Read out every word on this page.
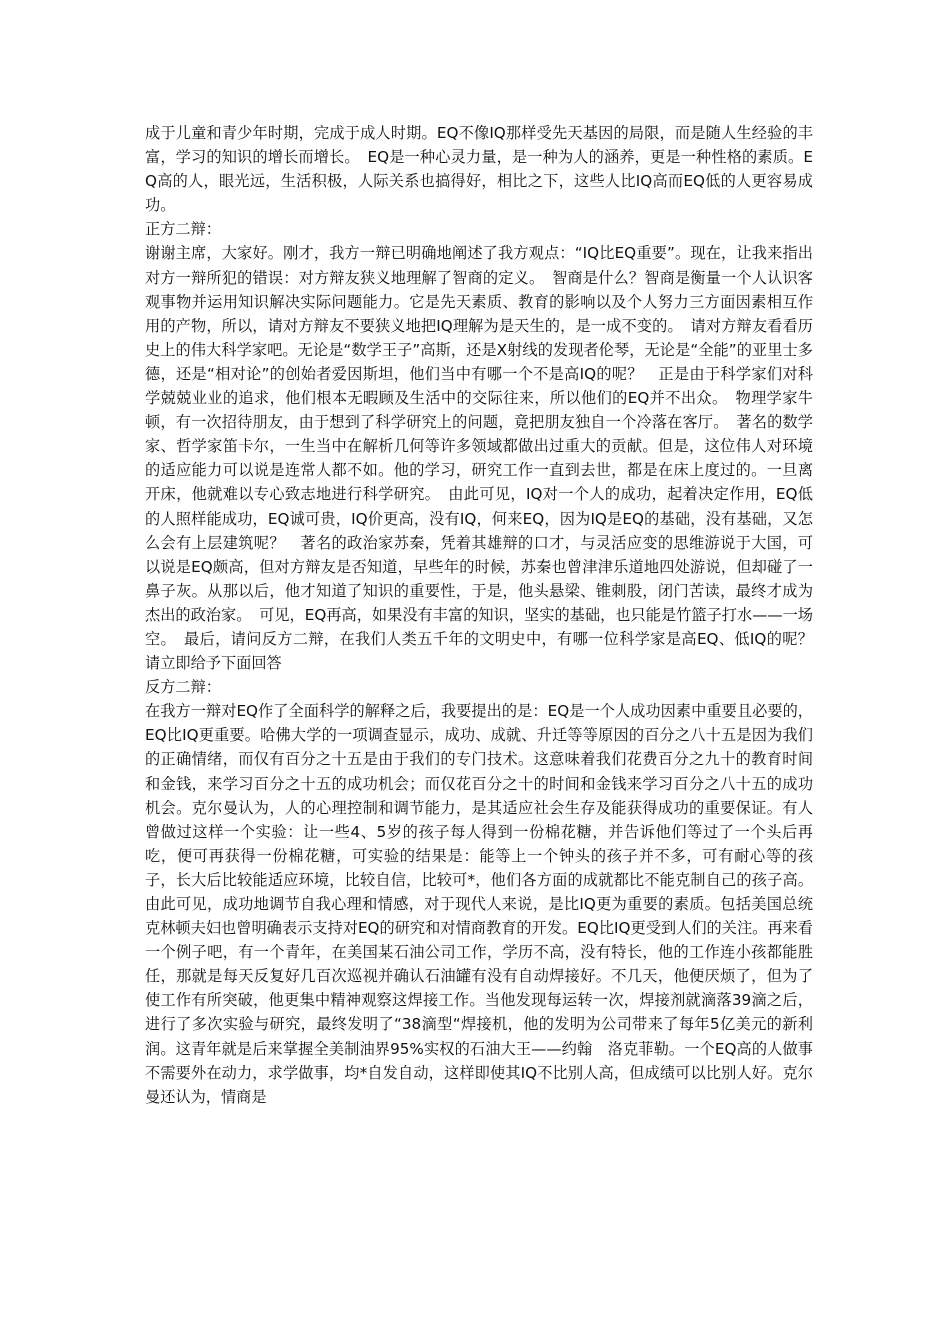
成于儿童和青少年时期，完成于成人时期。EQ不像IQ那样受先天基因的局限，而是随人生经验的丰富，学习的知识的增长而增长。　EQ是一种心灵力量，是一种为人的涵养，更是一种性格的素质。EQ高的人，眼光远，生活积极，人际关系也搞得好，相比之下，这些人比IQ高而EQ低的人更容易成功。

正方二辩：

谢谢主席，大家好。刚才，我方一辩已明确地阐述了我方观点：“IQ比EQ重要”。现在，让我来指出对方一辩所犯的错误：对方辩友狭义地理解了智商的定义。　智商是什么？智商是衡量一个人认识客观事物并运用知识解决实际问题能力。它是先天素质、教育的影响以及个人努力三方面因素相互作用的产物，所以，请对方辩友不要狭义地把IQ理解为是天生的，是一成不变的。　请对方辩友看看历史上的伟大科学家吧。无论是“数学王子”高斯，还是X射线的发现者伦琴，无论是“全能”的亚里士多德，还是“相对论”的创始者爱因斯坦，他们当中有哪一个不是高IQ的呢？　正是由于科学家们对科学兢兢业业的追求，他们根本无暇顾及生活中的交际往来，所以他们的EQ并不出众。　物理学家牛顿，有一次招待朋友，由于想到了科学研究上的问题，竟把朋友独自一个冷落在客厅。　著名的数学家、哲学家笛卡尔，一生当中在解析几何等许多领域都做出过重大的贡献。但是，这位伟人对环境的适应能力可以说是连常人都不如。他的学习，研究工作一直到去世，都是在床上度过的。一旦离开床，他就难以专心致志地进行科学研究。　由此可见，IQ对一个人的成功，起着决定作用，EQ低的人照样能成功，EQ诚可贵，IQ价更高，没有IQ，何来EQ，因为IQ是EQ的基础，没有基础，又怎么会有上层建筑呢？　著名的政治家苏秦，凭着其雄辩的口才，与灵活应变的思维游说于大国，可以说是EQ颇高，但对方辩友是否知道，早些年的时候，苏秦也曾津津乐道地四处游说，但却碰了一鼻子灰。从那以后，他才知道了知识的重要性，于是，他头悬梁、锥刺股，闭门苦读，最终才成为杰出的政治家。　可见，EQ再高，如果没有丰富的知识，坚实的基础，也只能是竹篮子打水——一场空。　最后，请问反方二辩，在我们人类五千年的文明史中，有哪一位科学家是高EQ、低IQ的呢？请立即给予下面回答

反方二辩：

在我方一辩对EQ作了全面科学的解释之后，我要提出的是：EQ是一个人成功因素中重要且必要的，EQ比IQ更重要。哈佛大学的一项调查显示，成功、成就、升迁等等原因的百分之八十五是因为我们的正确情绪，而仅有百分之十五是由于我们的专门技术。这意味着我们花费百分之九十的教育时间和金钱，来学习百分之十五的成功机会；而仅花百分之十的时间和金钱来学习百分之八十五的成功机会。克尔曼认为，人的心理控制和调节能力，是其适应社会生存及能获得成功的重要保证。有人曾做过这样一个实验：让一些4、5岁的孩子每人得到一份棉花糖，并告诉他们等过了一个头后再吃，便可再获得一份棉花糖，可实验的结果是：能等上一个钟头的孩子并不多，可有耐心等的孩子，长大后比较能适应环境，比较自信，比较可*，他们各方面的成就都比不能克制自己的孩子高。由此可见，成功地调节自我心理和情感，对于现代人来说，是比IQ更为重要的素质。包括美国总统克林顿夫妇也曾明确表示支持对EQ的研究和对情商教育的开发。EQ比IQ更受到人们的关注。再来看一个例子吧，有一个青年，在美国某石油公司工作，学历不高，没有特长，他的工作连小孩都能胜任，那就是每天反复好几百次巡视并确认石油罐有没有自动焊接好。不几天，他便厌烦了，但为了使工作有所突破，他更集中精神观察这焊接工作。当他发现每运转一次，焊接剂就滴落39滴之后，进行了多次实验与研究，最终发明了“38滴型“焊接机，他的发明为公司带来了每年5亿美元的新利润。这青年就是后来掌握全美制油界95%实权的石油大王——约翰　洛克菲勒。一个EQ高的人做事不需要外在动力，求学做事，均*自发自动，这样即使其IQ不比别人高，但成绩可以比别人好。克尔曼还认为，情商是
